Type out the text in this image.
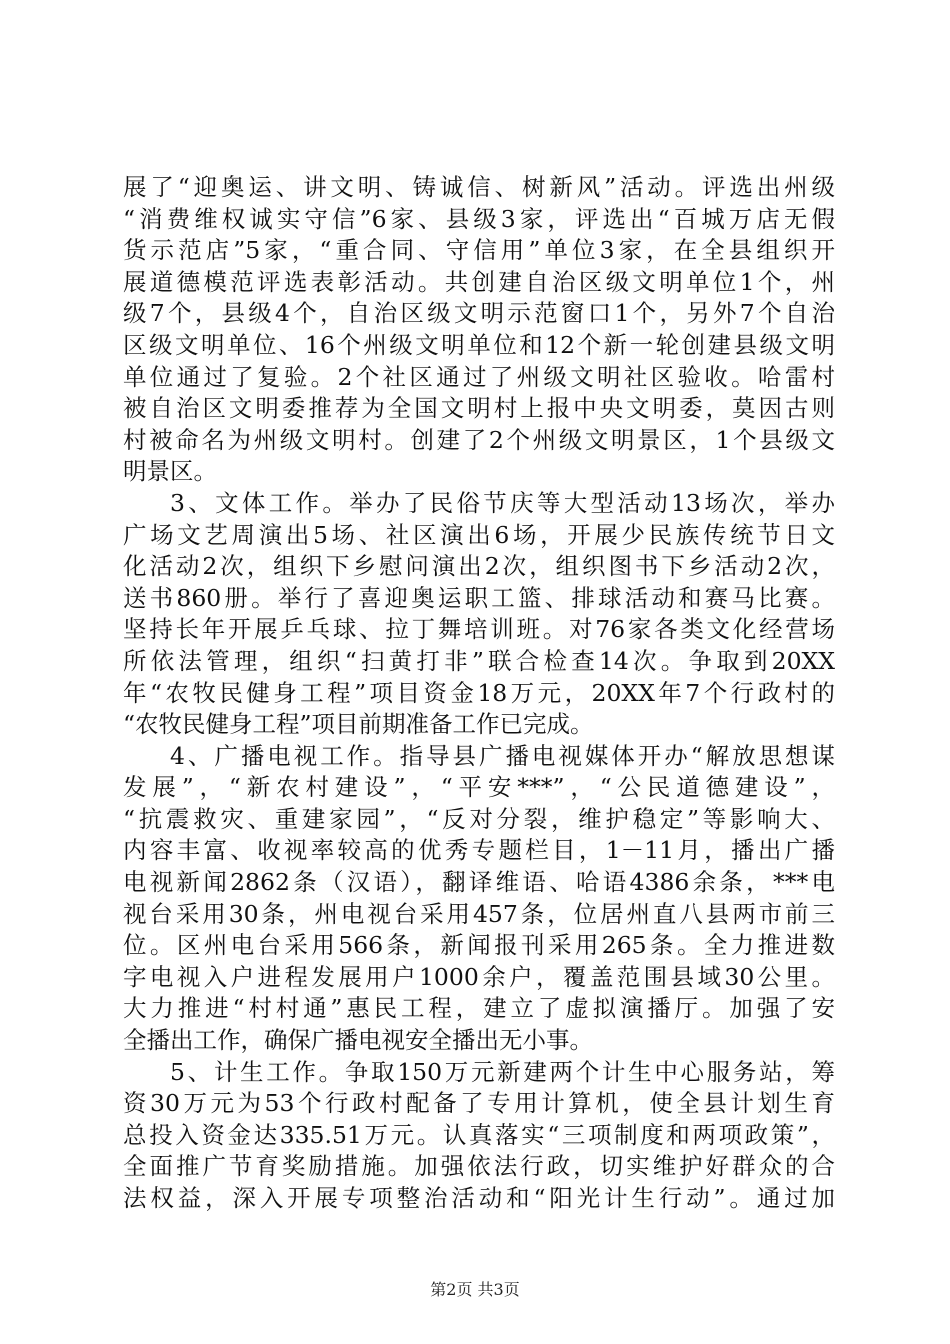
展了“迎奥运、讲文明、铸诚信、树新风”活动。评选出州级
“消费维权诚实守信”6家、县级3家，评选出“百城万店无假
货示范店”5家，“重合同、守信用”单位3家，在全县组织开
展道德模范评选表彰活动。共创建自治区级文明单位1个，州
级7个，县级4个，自治区级文明示范窗口1个，另外7个自治
区级文明单位、16个州级文明单位和12个新一轮创建县级文明
单位通过了复验。2个社区通过了州级文明社区验收。哈雷村
被自治区文明委推荐为全国文明村上报中央文明委，莫因古则
村被命名为州级文明村。创建了2个州级文明景区，1个县级文
明景区。
3、文体工作。举办了民俗节庆等大型活动13场次，举办
广场文艺周演出5场、社区演出6场，开展少民族传统节日文
化活动2次，组织下乡慰问演出2次，组织图书下乡活动2次，
送书860册。举行了喜迎奥运职工篮、排球活动和赛马比赛。
坚持长年开展乒乓球、拉丁舞培训班。对76家各类文化经营场
所依法管理，组织“扫黄打非”联合检查14次。争取到20XX
年“农牧民健身工程”项目资金18万元，20XX年7个行政村的
“农牧民健身工程”项目前期准备工作已完成。
4、广播电视工作。指导县广播电视媒体开办“解放思想谋
发展”，“新农村建设”，“平安***”，“公民道德建设”，
“抗震救灾、重建家园”，“反对分裂，维护稳定”等影响大、
内容丰富、收视率较高的优秀专题栏目，1－11月，播出广播
电视新闻2862条（汉语），翻译维语、哈语4386余条，***电
视台采用30条，州电视台采用457条，位居州直八县两市前三
位。区州电台采用566条，新闻报刊采用265条。全力推进数
字电视入户进程发展用户1000余户，覆盖范围县域30公里。
大力推进“村村通”惠民工程，建立了虚拟演播厅。加强了安
全播出工作，确保广播电视安全播出无小事。
5、计生工作。争取150万元新建两个计生中心服务站，筹
资30万元为53个行政村配备了专用计算机，使全县计划生育
总投入资金达335.51万元。认真落实“三项制度和两项政策”，
全面推广节育奖励措施。加强依法行政，切实维护好群众的合
法权益，深入开展专项整治活动和“阳光计生行动”。通过加
第2页 共3页
